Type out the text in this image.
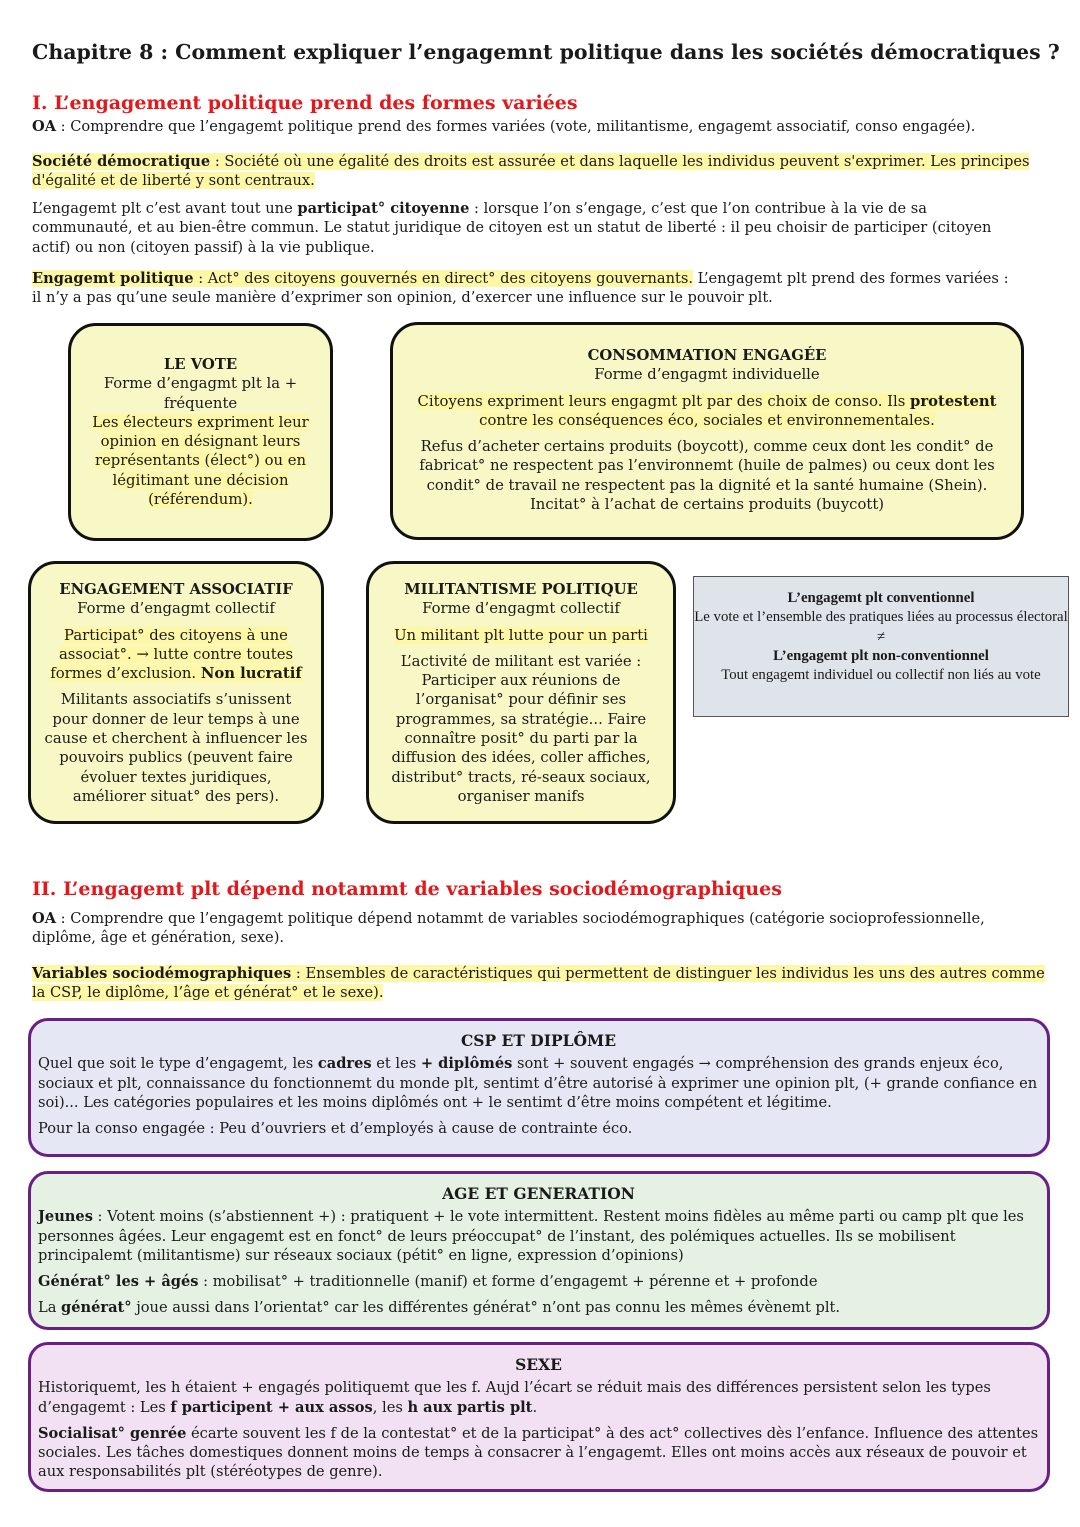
Chapitre 8 : Comment expliquer l’engagemnt politique dans les sociétés démocratiques ?
I. L’engagement politique prend des formes variées
OA : Comprendre que l’engagemt politique prend des formes variées (vote, militantisme, engagemt associatif, conso engagée).
Société démocratique : Société où une égalité des droits est assurée et dans laquelle les individus peuvent s'exprimer. Les principes d'égalité et de liberté y sont centraux.
L’engagemt plt c’est avant tout une participat° citoyenne : lorsque l’on s’engage, c’est que l’on contribue à la vie de sa communauté, et au bien-être commun. Le statut juridique de citoyen est un statut de liberté : il peu choisir de participer (citoyen actif) ou non (citoyen passif) à la vie publique.
Engagemt politique : Act° des citoyens gouvernés en direct° des citoyens gouvernants. L’engagemt plt prend des formes variées : il n’y a pas qu’une seule manière d’exprimer son opinion, d’exercer une influence sur le pouvoir plt.
LE VOTE
Forme d’engagmt plt la + fréquente
Les électeurs expriment leur opinion en désignant leurs représentants (élect°) ou en légitimant une décision (référendum).
CONSOMMATION ENGAGÉE
Forme d’engagmt individuelle
Citoyens expriment leurs engagmt plt par des choix de conso. Ils protestent contre les conséquences éco, sociales et environnementales.
Refus d’acheter certains produits (boycott), comme ceux dont les condit° de fabricat° ne respectent pas l’environnemt (huile de palmes) ou ceux dont les condit° de travail ne respectent pas la dignité et la santé humaine (Shein). Incitat° à l’achat de certains produits (buycott)
ENGAGEMENT ASSOCIATIF
Forme d’engagmt collectif
Participat° des citoyens à une associat°. → lutte contre toutes formes d’exclusion. Non lucratif
Militants associatifs s’unissent pour donner de leur temps à une cause et cherchent à influencer les pouvoirs publics (peuvent faire évoluer textes juridiques, améliorer situat° des pers).
MILITANTISME POLITIQUE
Forme d’engagmt collectif
Un militant plt lutte pour un parti
L’activité de militant est variée : Participer aux réunions de l’organisat° pour définir ses programmes, sa stratégie... Faire connaître posit° du parti par la diffusion des idées, coller affiches, distribut° tracts, ré-seaux sociaux, organiser manifs
L’engagemt plt conventionnel
Le vote et l’ensemble des pratiques liées au processus électoral
≠
L’engagemt plt non-conventionnel
Tout engagemt individuel ou collectif non liés au vote
II. L’engagemt plt dépend notammt de variables sociodémographiques
OA : Comprendre que l’engagemt politique dépend notammt de variables sociodémographiques (catégorie socioprofessionnelle, diplôme, âge et génération, sexe).
Variables sociodémographiques : Ensembles de caractéristiques qui permettent de distinguer les individus les uns des autres comme la CSP, le diplôme, l’âge et générat° et le sexe).
CSP ET DIPLÔME
Quel que soit le type d’engagemt, les cadres et les + diplômés sont + souvent engagés → compréhension des grands enjeux éco, sociaux et plt, connaissance du fonctionnemt du monde plt, sentimt d’être autorisé à exprimer une opinion plt, (+ grande confiance en soi)... Les catégories populaires et les moins diplômés ont + le sentimt d’être moins compétent et légitime.
Pour la conso engagée : Peu d’ouvriers et d’employés à cause de contrainte éco.
AGE ET GENERATION
Jeunes : Votent moins (s’abstiennent +) : pratiquent + le vote intermittent. Restent moins fidèles au même parti ou camp plt que les personnes âgées. Leur engagemt est en fonct° de leurs préoccupat° de l’instant, des polémiques actuelles. Ils se mobilisent principalemt (militantisme) sur réseaux sociaux (pétit° en ligne, expression d’opinions)
Générat° les + âgés : mobilisat° + traditionnelle (manif) et forme d’engagemt + pérenne et + profonde
La générat° joue aussi dans l’orientat° car les différentes générat° n’ont pas connu les mêmes évènemt plt.
SEXE
Historiquemt, les h étaient + engagés politiquemt que les f. Aujd l’écart se réduit mais des différences persistent selon les types d’engagemt : Les f participent + aux assos, les h aux partis plt.
Socialisat° genrée écarte souvent les f de la contestat° et de la participat° à des act° collectives dès l’enfance. Influence des attentes sociales. Les tâches domestiques donnent moins de temps à consacrer à l’engagemt. Elles ont moins accès aux réseaux de pouvoir et aux responsabilités plt (stéréotypes de genre).
